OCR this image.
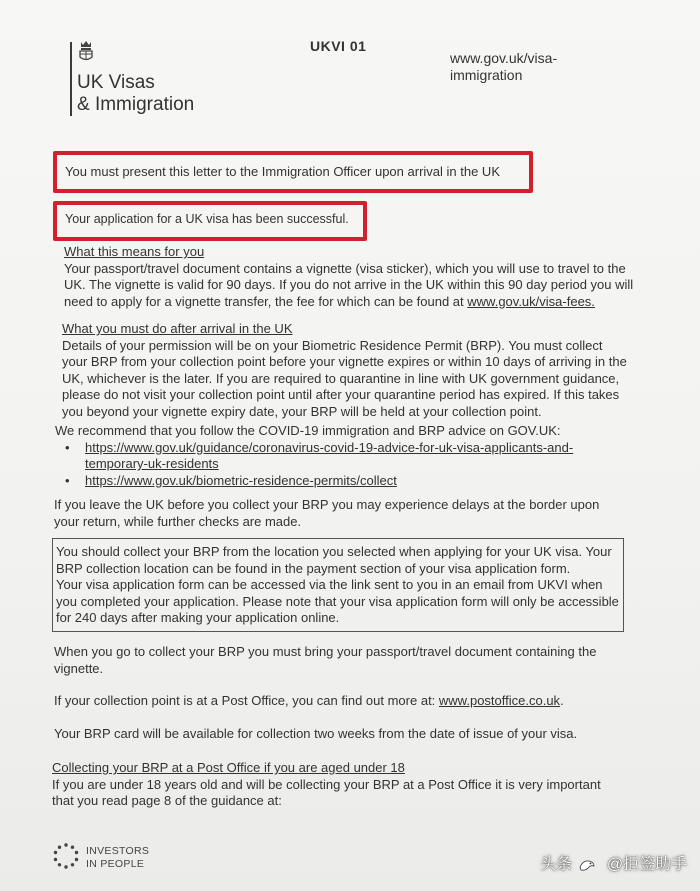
UK Visas
& Immigration
UKVI 01
www.gov.uk/visa-
immigration
You must present this letter to the Immigration Officer upon arrival in the UK
Your application for a UK visa has been successful.
What this means for you
Your passport/travel document contains a vignette (visa sticker), which you will use to travel to the
UK. The vignette is valid for 90 days. If you do not arrive in the UK within this 90 day period you will
need to apply for a vignette transfer, the fee for which can be found at www.gov.uk/visa-fees.
What you must do after arrival in the UK
Details of your permission will be on your Biometric Residence Permit (BRP). You must collect
your BRP from your collection point before your vignette expires or within 10 days of arriving in the
UK, whichever is the later. If you are required to quarantine in line with UK government guidance,
please do not visit your collection point until after your quarantine period has expired. If this takes
you beyond your vignette expiry date, your BRP will be held at your collection point.
We recommend that you follow the COVID-19 immigration and BRP advice on GOV.UK:
• https://www.gov.uk/guidance/coronavirus-covid-19-advice-for-uk-visa-applicants-and-
temporary-uk-residents
• https://www.gov.uk/biometric-residence-permits/collect
If you leave the UK before you collect your BRP you may experience delays at the border upon
your return, while further checks are made.
You should collect your BRP from the location you selected when applying for your UK visa. Your
BRP collection location can be found in the payment section of your visa application form.
Your visa application form can be accessed via the link sent to you in an email from UKVI when
you completed your application. Please note that your visa application form will only be accessible
for 240 days after making your application online.
When you go to collect your BRP you must bring your passport/travel document containing the
vignette.
If your collection point is at a Post Office, you can find out more at: www.postoffice.co.uk.
Your BRP card will be available for collection two weeks from the date of issue of your visa.
Collecting your BRP at a Post Office if you are aged under 18
If you are under 18 years old and will be collecting your BRP at a Post Office it is very important
that you read page 8 of the guidance at:
INVESTORS
IN PEOPLE	头条 @拒签助手
